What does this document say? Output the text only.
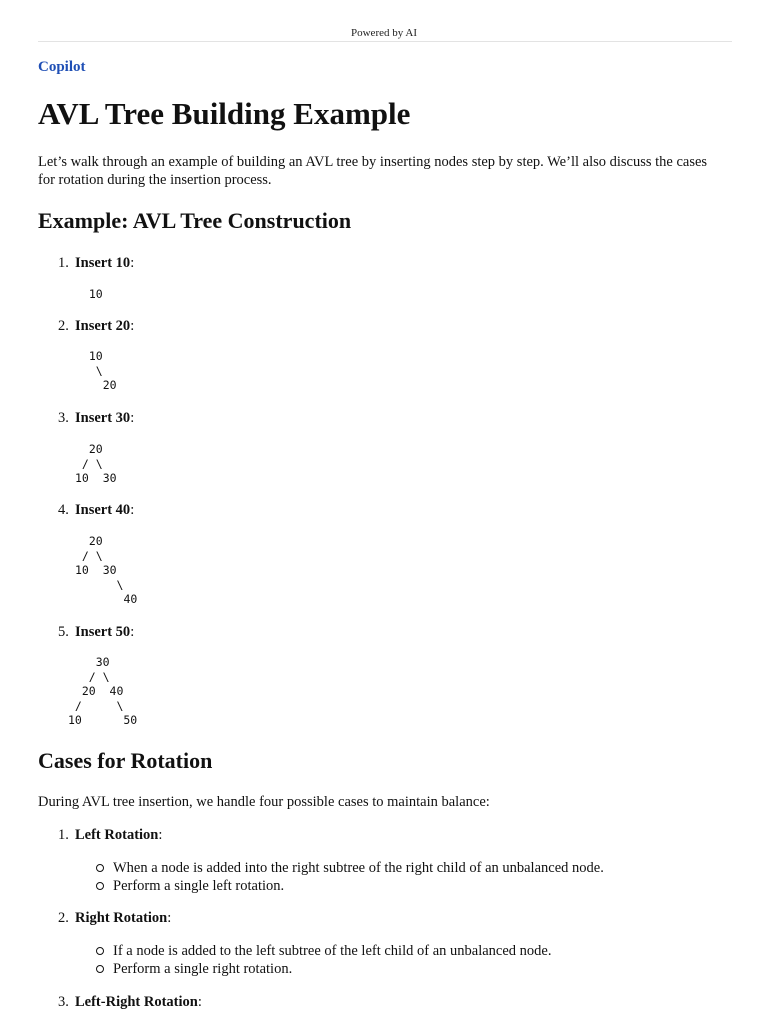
Powered by AI
Copilot
AVL Tree Building Example

Let’s walk through an example of building an AVL tree by inserting nodes step by step. We’ll also discuss the cases for rotation during the insertion process.

Example: AVL Tree Construction
1. Insert 10:
10
2. Insert 20:
10
\
20
3. Insert 30:
20
/ \
10  30
4. Insert 40:
20
/ \
10  30
\
40
5. Insert 50:
30
/ \
20  40
/     \
10      50
Cases for Rotation

During AVL tree insertion, we handle four possible cases to maintain balance:

1. Left Rotation:
When a node is added into the right subtree of the right child of an unbalanced node.
Perform a single left rotation.
2. Right Rotation:
If a node is added to the left subtree of the left child of an unbalanced node.
Perform a single right rotation.
3. Left-Right Rotation:
